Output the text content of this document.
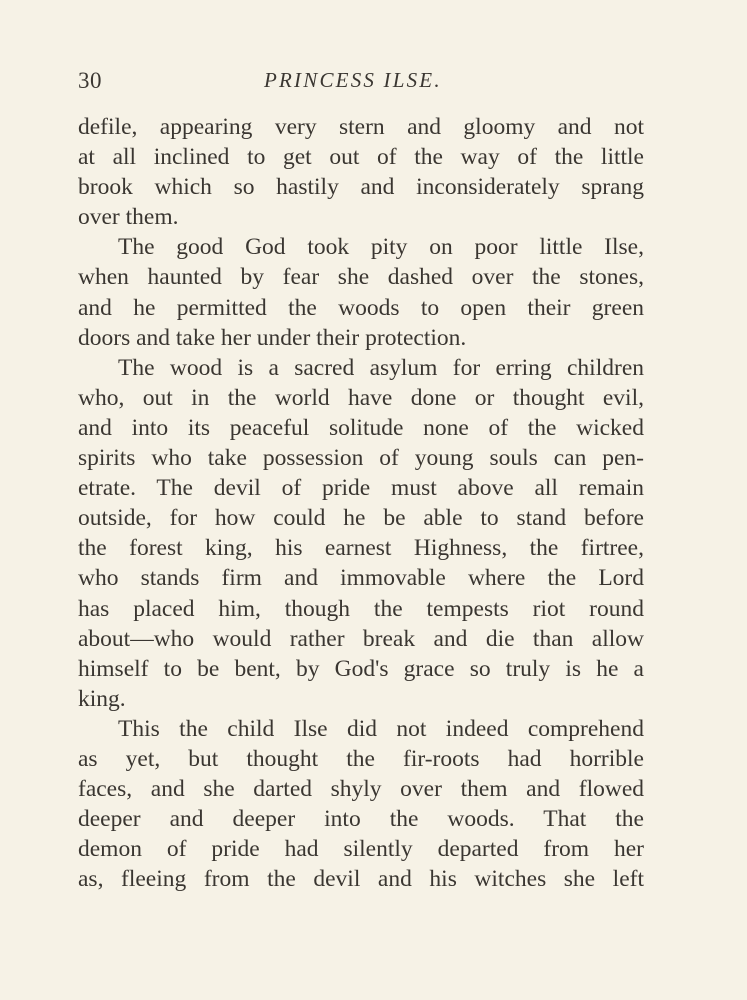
30	PRINCESS ILSE.
defile, appearing very stern and gloomy and not
at all inclined to get out of the way of the little
brook which so hastily and inconsiderately sprang
over them.
The good God took pity on poor little Ilse,
when haunted by fear she dashed over the stones,
and he permitted the woods to open their green
doors and take her under their protection.
The wood is a sacred asylum for erring children
who, out in the world have done or thought evil,
and into its peaceful solitude none of the wicked
spirits who take possession of young souls can pen-
etrate. The devil of pride must above all remain
outside, for how could he be able to stand before
the forest king, his earnest Highness, the firtree,
who stands firm and immovable where the Lord
has placed him, though the tempests riot round
about—who would rather break and die than allow
himself to be bent, by God's grace so truly is he a
king.
This the child Ilse did not indeed comprehend
as yet, but thought the fir-roots had horrible
faces, and she darted shyly over them and flowed
deeper and deeper into the woods. That the
demon of pride had silently departed from her
as, fleeing from the devil and his witches she left
